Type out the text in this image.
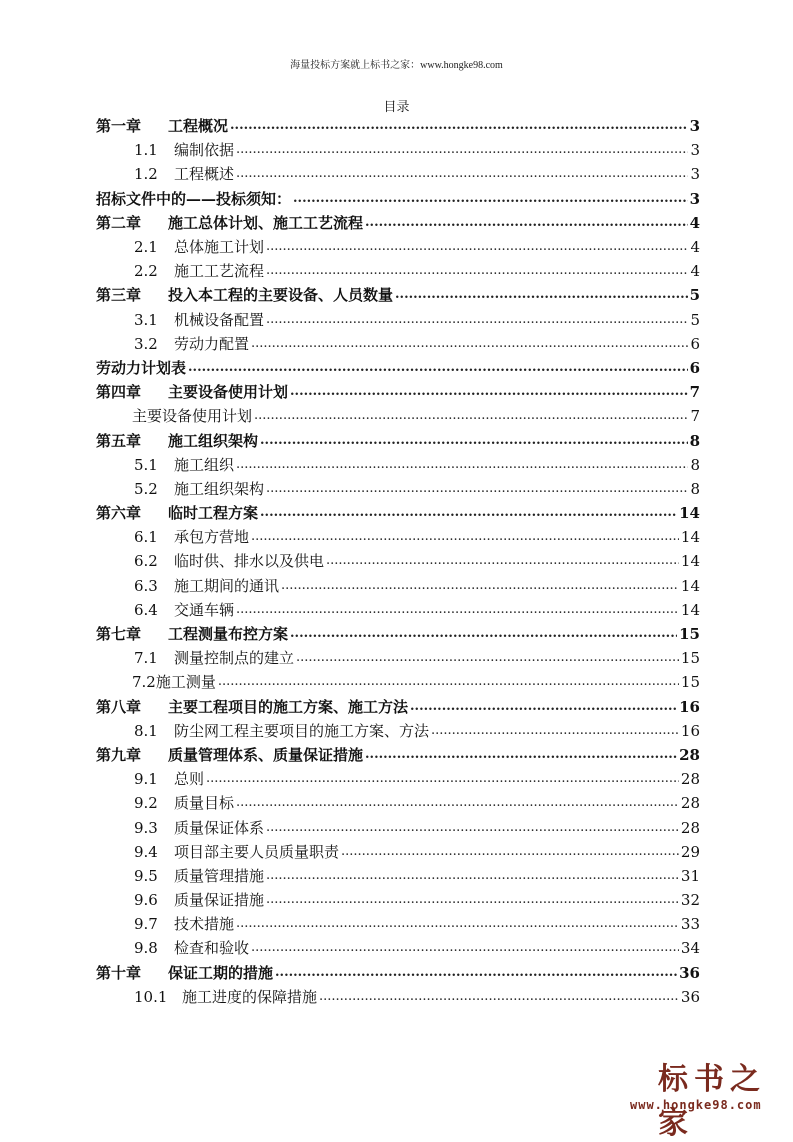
海量投标方案就上标书之家：www.hongke98.com
目录
第一章	工程概况 .....	3
1.1	编制依据 .....	3
1.2	工程概述 .....	3
招标文件中的——投标须知： .....	3
第二章	施工总体计划、施工工艺流程 .....	4
2.1	总体施工计划 .....	4
2.2	施工工艺流程 .....	4
第三章	投入本工程的主要设备、人员数量 .....	5
3.1	机械设备配置 .....	5
3.2	劳动力配置 .....	6
劳动力计划表 .....	6
第四章	主要设备使用计划 .....	7
主要设备使用计划 .....	7
第五章	施工组织架构 .....	8
5.1	施工组织 .....	8
5.2	施工组织架构 .....	8
第六章	临时工程方案 .....	14
6.1	承包方营地 .....	14
6.2	临时供、排水以及供电 .....	14
6.3	施工期间的通讯 .....	14
6.4	交通车辆 .....	14
第七章	工程测量布控方案 .....	15
7.1	测量控制点的建立 .....	15
7.2 施工测量 .....	15
第八章	主要工程项目的施工方案、施工方法 .....	16
8.1	防尘网工程主要项目的施工方案、方法 .....	16
第九章	质量管理体系、质量保证措施 .....	28
9.1	总则 .....	28
9.2	质量目标 .....	28
9.3	质量保证体系 .....	28
9.4	项目部主要人员质量职责 .....	29
9.5	质量管理措施 .....	31
9.6	质量保证措施 .....	32
9.7	技术措施 .....	33
9.8	检查和验收 .....	34
第十章	保证工期的措施 .....	36
10.1 施工进度的保障措施 .....	36
标书之家
www.hongke98.com
